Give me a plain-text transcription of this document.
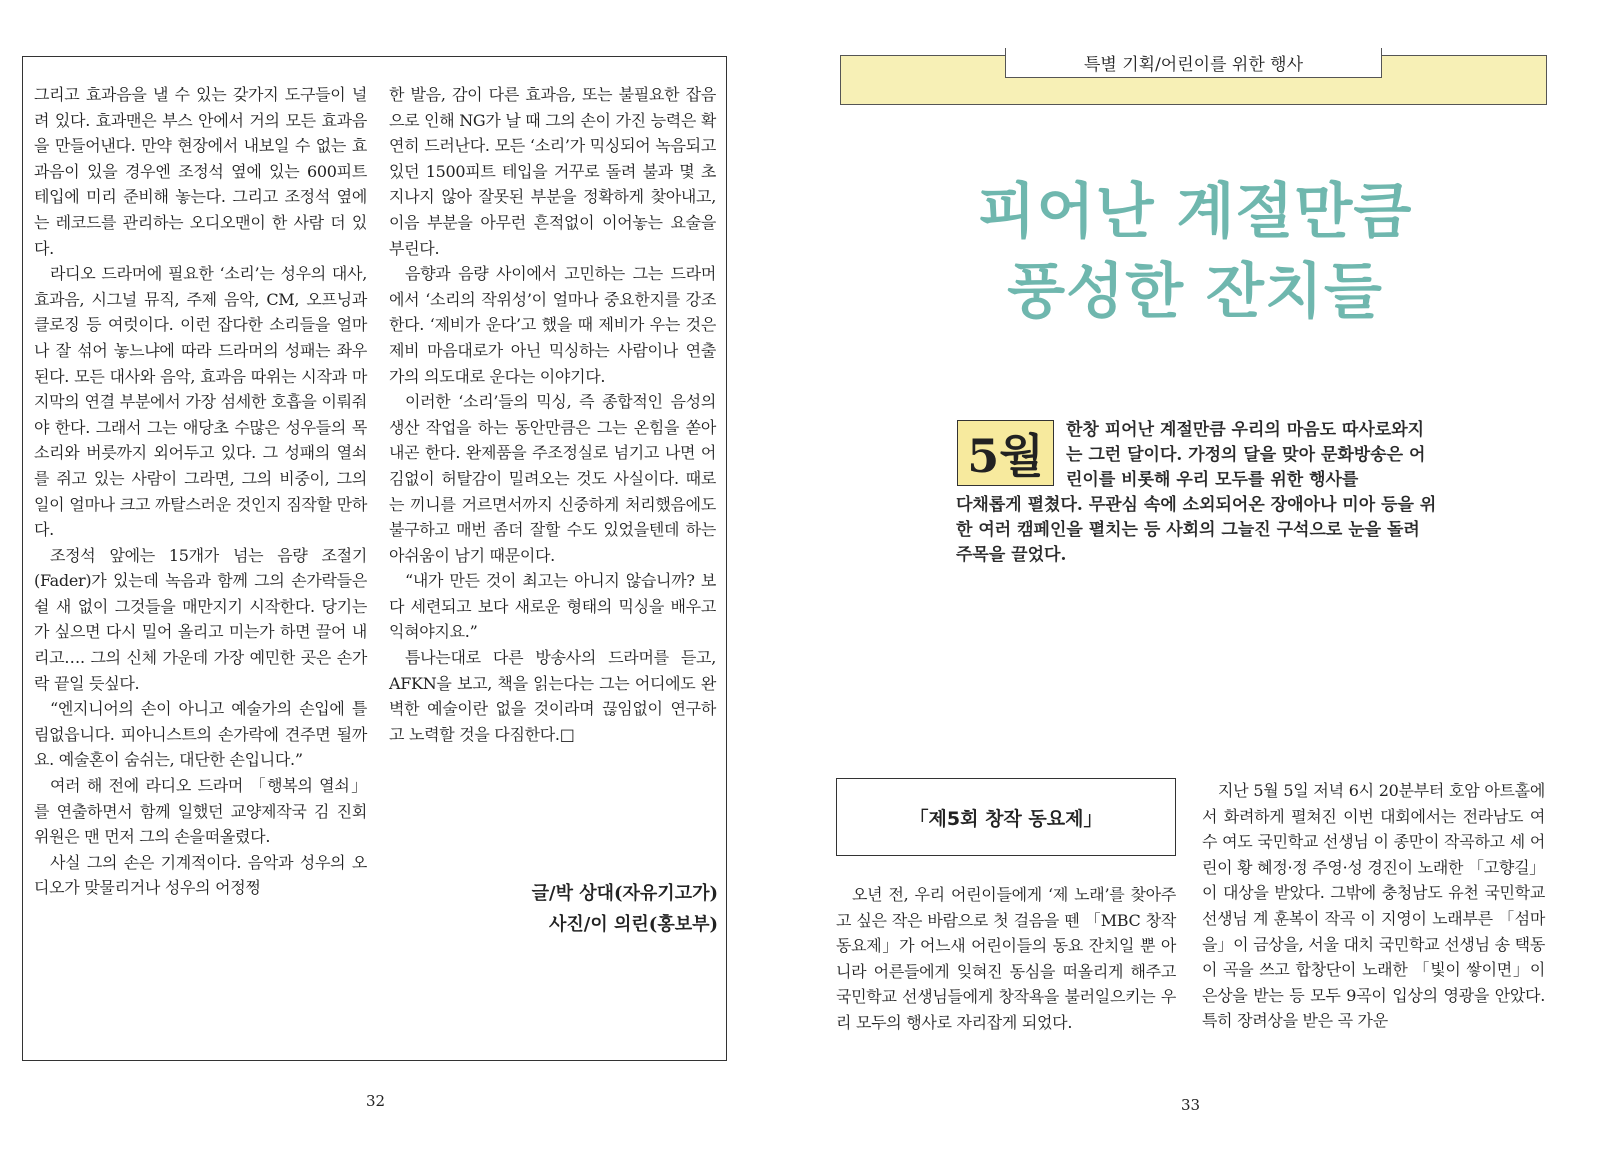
그리고 효과음을 낼 수 있는 갖가지 도구들이 널려 있다. 효과맨은 부스 안에서 거의 모든 효과음을 만들어낸다. 만약 현장에서 내보일 수 없는 효과음이 있을 경우엔 조정석 옆에 있는 600피트 테입에 미리 준비해 놓는다. 그리고 조정석 옆에는 레코드를 관리하는 오디오맨이 한 사람 더 있다.

라디오 드라머에 필요한 ‘소리’는 성우의 대사, 효과음, 시그널 뮤직, 주제 음악, CM, 오프닝과 클로징 등 여럿이다. 이런 잡다한 소리들을 얼마나 잘 섞어 놓느냐에 따라 드라머의 성패는 좌우된다. 모든 대사와 음악, 효과음 따위는 시작과 마지막의 연결 부분에서 가장 섬세한 호흡을 이뤄줘야 한다. 그래서 그는 애당초 수많은 성우들의 목소리와 버릇까지 외어두고 있다. 그 성패의 열쇠를 쥐고 있는 사람이 그라면, 그의 비중이, 그의 일이 얼마나 크고 까탈스러운 것인지 짐작할 만하다.

조정석 앞에는 15개가 넘는 음량 조절기(Fader)가 있는데 녹음과 함께 그의 손가락들은 쉴 새 없이 그것들을 매만지기 시작한다. 당기는가 싶으면 다시 밀어 올리고 미는가 하면 끌어 내리고…. 그의 신체 가운데 가장 예민한 곳은 손가락 끝일 듯싶다.

“엔지니어의 손이 아니고 예술가의 손입에 틀림없읍니다. 피아니스트의 손가락에 견주면 될까요. 예술혼이 숨쉬는, 대단한 손입니다.”

여러 해 전에 라디오 드라머 「행복의 열쇠」를 연출하면서 함께 일했던 교양제작국 김 진회 위원은 맨 먼저 그의 손을떠올렸다.

사실 그의 손은 기계적이다. 음악과 성우의 오디오가 맞물리거나 성우의 어정쩡

한 발음, 감이 다른 효과음, 또는 불필요한 잡음으로 인해 NG가 날 때 그의 손이 가진 능력은 확연히 드러난다. 모든 ‘소리’가 믹싱되어 녹음되고 있던 1500피트 테입을 거꾸로 돌려 불과 몇 초 지나지 않아 잘못된 부분을 정확하게 찾아내고, 이음 부분을 아무런 흔적없이 이어놓는 요술을 부린다.

음향과 음량 사이에서 고민하는 그는 드라머에서 ‘소리의 작위성’이 얼마나 중요한지를 강조한다. ‘제비가 운다’고 했을 때 제비가 우는 것은 제비 마음대로가 아닌 믹싱하는 사람이나 연출가의 의도대로 운다는 이야기다.

이러한 ‘소리’들의 믹싱, 즉 종합적인 음성의 생산 작업을 하는 동안만큼은 그는 온힘을 쏟아내곤 한다. 완제품을 주조정실로 넘기고 나면 어김없이 허탈감이 밀려오는 것도 사실이다. 때로는 끼니를 거르면서까지 신중하게 처리했음에도 불구하고 매번 좀더 잘할 수도 있었을텐데 하는 아쉬움이 남기 때문이다.

“내가 만든 것이 최고는 아니지 않습니까? 보다 세련되고 보다 새로운 형태의 믹싱을 배우고 익혀야지요.”

틈나는대로 다른 방송사의 드라머를 듣고, AFKN을 보고, 책을 읽는다는 그는 어디에도 완벽한 예술이란 없을 것이라며 끊임없이 연구하고 노력할 것을 다짐한다.□

글/박 상대(자유기고가)
사진/이 의린(홍보부)
32
특별 기획/어린이를 위한 행사
피어난 계절만큼
풍성한 잔치들
5월	한창 피어난 계절만큼 우리의 마음도 따사로와지는 그런 달이다. 가정의 달을 맞아 문화방송은 어린이를 비롯해 우리 모두를 위한 행사를
다채롭게 펼쳤다. 무관심 속에 소외되어온 장애아나 미아 등을 위한 여러 캠페인을 펼치는 등 사회의 그늘진 구석으로 눈을 돌려 주목을 끌었다.
「제5회 창작 동요제」

오년 전, 우리 어린이들에게 ‘제 노래’를 찾아주고 싶은 작은 바람으로 첫 걸음을 뗀 「MBC 창작 동요제」가 어느새 어린이들의 동요 잔치일 뿐 아니라 어른들에게 잊혀진 동심을 떠올리게 해주고 국민학교 선생님들에게 창작욕을 불러일으키는 우리 모두의 행사로 자리잡게 되었다.

지난 5월 5일 저녁 6시 20분부터 호암 아트홀에서 화려하게 펼쳐진 이번 대회에서는 전라남도 여수 여도 국민학교 선생님 이 종만이 작곡하고 세 어린이 황 혜정·정 주영·성 경진이 노래한 「고향길」이 대상을 받았다. 그밖에 충청남도 유천 국민학교 선생님 계 훈복이 작곡 이 지영이 노래부른 「섬마을」이 금상을, 서울 대치 국민학교 선생님 송 택동이 곡을 쓰고 합창단이 노래한 「빛이 쌓이면」이 은상을 받는 등 모두 9곡이 입상의 영광을 안았다. 특히 장려상을 받은 곡 가운

33
